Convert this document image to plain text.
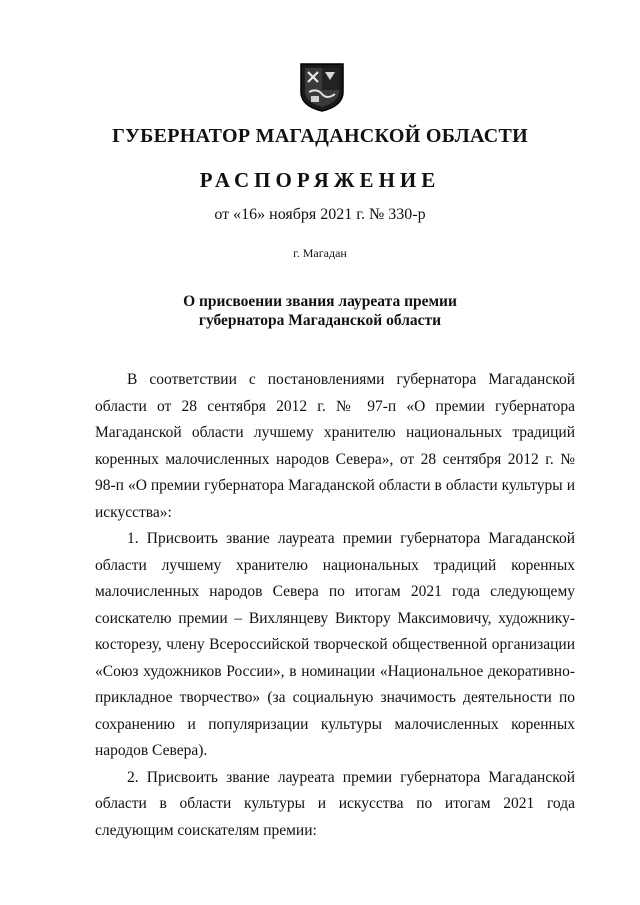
ГУБЕРНАТОР МАГАДАНСКОЙ ОБЛАСТИ
РАСПОРЯЖЕНИЕ
от «16» ноября 2021 г. № 330-р
г. Магадан
О присвоении звания лауреата премии
губернатора Магаданской области

В соответствии с постановлениями губернатора Магаданской области от 28 сентября 2012 г. № 97-п «О премии губернатора Магаданской области лучшему хранителю национальных традиций коренных малочисленных народов Севера», от 28 сентября 2012 г. № 98-п «О премии губернатора Магаданской области в области культуры и искусства»:

1. Присвоить звание лауреата премии губернатора Магаданской области лучшему хранителю национальных традиций коренных малочисленных народов Севера по итогам 2021 года следующему соискателю премии – Вихлянцеву Викторy Максимовичу, художнику-косторезу, члену Всероссийской творческой общественной организации «Союз художников России», в номинации «Национальное декоративно-прикладное творчество» (за социальную значимость деятельности по сохранению и популяризации культуры малочисленных коренных народов Севера).

2. Присвоить звание лауреата премии губернатора Магаданской области в области культуры и искусства по итогам 2021 года следующим соискателям премии:
